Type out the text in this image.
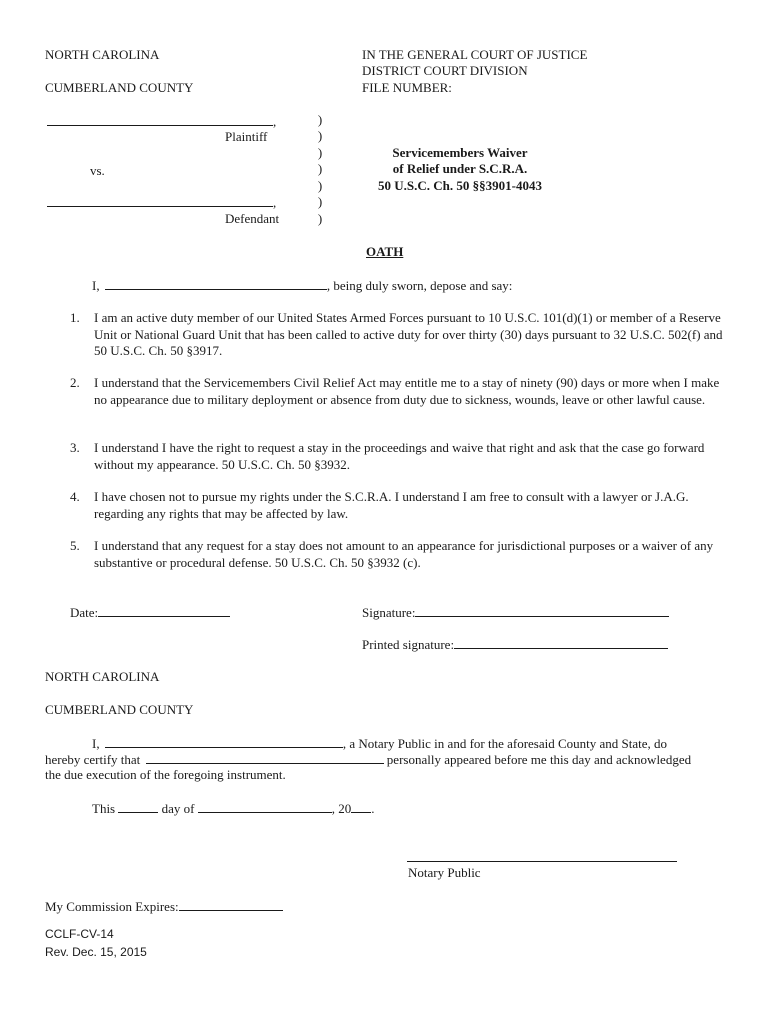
NORTH CAROLINA
CUMBERLAND COUNTY
IN THE GENERAL COURT OF JUSTICE
DISTRICT COURT DIVISION
FILE NUMBER:
,
Plaintiff
vs.
,
Defendant
)
)
)
)
)
)
)
Servicemembers Waiver
of Relief under S.C.R.A.
50 U.S.C. Ch. 50 §§3901-4043
OATH
I,	, being duly sworn, depose and say:
1. I am an active duty member of our United States Armed Forces pursuant to 10 U.S.C. 101(d)(1) or member of a Reserve Unit or National Guard Unit that has been called to active duty for over thirty (30) days pursuant to 32 U.S.C. 502(f) and 50 U.S.C. Ch. 50 §3917.
2. I understand that the Servicemembers Civil Relief Act may entitle me to a stay of ninety (90) days or more when I make no appearance due to military deployment or absence from duty due to sickness, wounds, leave or other lawful cause.
3. I understand I have the right to request a stay in the proceedings and waive that right and ask that the case go forward without my appearance. 50 U.S.C. Ch. 50 §3932.
4. I have chosen not to pursue my rights under the S.C.R.A. I understand I am free to consult with a lawyer or J.A.G. regarding any rights that may be affected by law.
5. I understand that any request for a stay does not amount to an appearance for jurisdictional purposes or a waiver of any substantive or procedural defense. 50 U.S.C. Ch. 50 §3932 (c).
Date:	Signature:
Printed signature:
NORTH CAROLINA
CUMBERLAND COUNTY
I,	, a Notary Public in and for the aforesaid County and State, do
hereby certify that	personally appeared before me this day and acknowledged
the due execution of the foregoing instrument.
This	day of	, 20 .
Notary Public
My Commission Expires:
CCLF-CV-14
Rev. Dec. 15, 2015
